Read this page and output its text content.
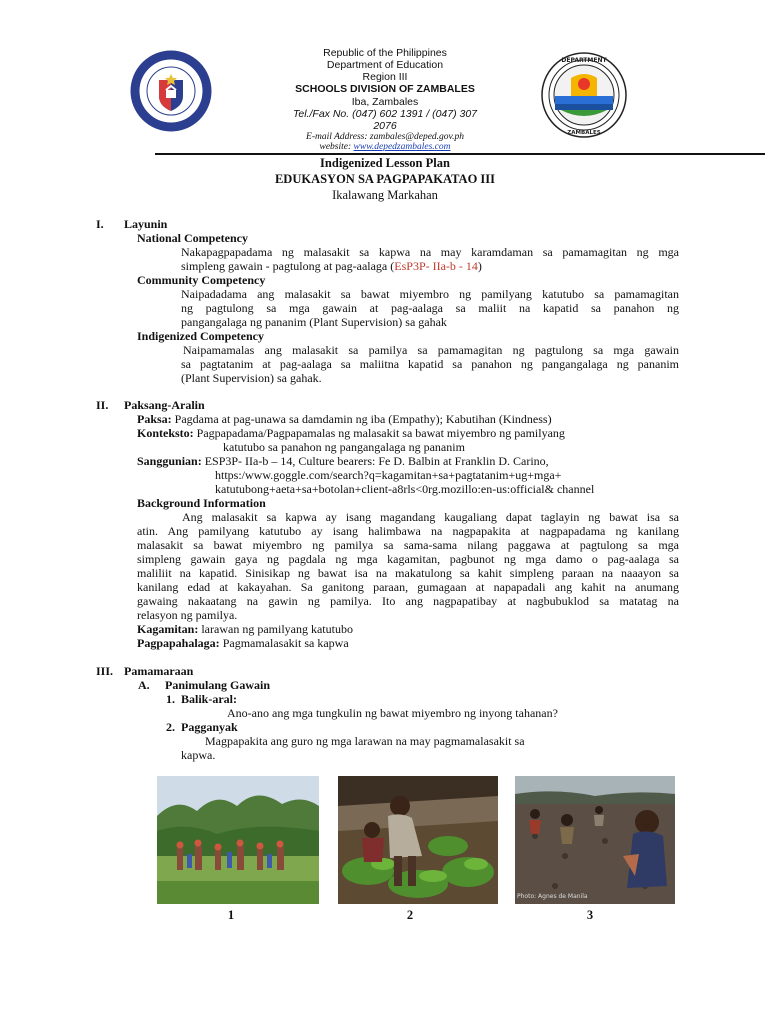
Republic of the Philippines
Department of Education
Region III
SCHOOLS DIVISION OF ZAMBALES
Iba, Zambales
Tel./Fax No. (047) 602 1391 / (047) 307
2076
E-mail Address: zambales@deped.gov.ph
website: www.depedzambales.com
DEPARTMENT
ZAMBALES
Indigenized Lesson Plan
EDUKASYON SA PAGPAPAKATAO III
Ikalawang Markahan
I. Layunin
National Competency
Nakapagpapadama ng malasakit sa kapwa na may karamdaman sa pamamagitan ng mga
simpleng gawain - pagtulong at pag-aalaga (EsP3P- IIa-b - 14)
Community Competency
Naipadadama ang malasakit sa bawat miyembro ng pamilyang katutubo sa pamamagitan
ng pagtulong sa mga gawain at pag-aalaga sa maliit na kapatid sa panahon ng
pangangalaga ng pananim (Plant Supervision) sa gahak
Indigenized Competency
Naipamamalas ang malasakit sa pamilya sa pamamagitan ng pagtulong sa mga gawain
sa pagtatanim at pag-aalaga sa maliitna kapatid sa panahon ng pangangalaga ng pananim
(Plant Supervision) sa gahak.
II. Paksang-Aralin
Paksa: Pagdama at pag-unawa sa damdamin ng iba (Empathy); Kabutihan (Kindness)
Konteksto: Pagpapadama/Pagpapamalas ng malasakit sa bawat miyembro ng pamilyang
katutubo sa panahon ng pangangalaga ng pananim
Sanggunian: ESP3P- IIa-b – 14, Culture bearers: Fe D. Balbin at Franklin D. Carino,
https:/www.goggle.com/search?q=kagamitan+sa+pagtatanim+ug+mga+
katutubong+aeta+sa+botolan+client-a8rls<0rg.mozillo:en-us:official& channel
Background Information
Ang malasakit sa kapwa ay isang magandang kaugaliang dapat taglayin ng bawat isa sa
atin. Ang pamilyang katutubo ay isang halimbawa na nagpapakita at nagpapadama ng kanilang
malasakit sa bawat miyembro ng pamilya sa sama-sama nilang paggawa at pagtulong sa mga
simpleng gawain gaya ng pagdala ng mga kagamitan, pagbunot ng mga damo o pag-aalaga sa
maliliit na kapatid. Sinisikap ng bawat isa na makatulong sa kahit simpleng paraan na naaayon sa
kanilang edad at kakayahan. Sa ganitong paraan, gumagaan at napapadali ang kahit na anumang
gawaing nakaatang na gawin ng pamilya. Ito ang nagpapatibay at nagbubuklod sa matatag na
relasyon ng pamilya.
Kagamitan: larawan ng pamilyang katutubo
Pagpapahalaga: Pagmamalasakit sa kapwa
III. Pamamaraan
A. Panimulang Gawain
1. Balik-aral:
Ano-ano ang mga tungkulin ng bawat miyembro ng inyong tahanan?
2. Pagganyak
Magpapakita ang guro ng mga larawan na may pagmamalasakit sa
kapwa.
Photo: Agnes de Manila
1	2	3
